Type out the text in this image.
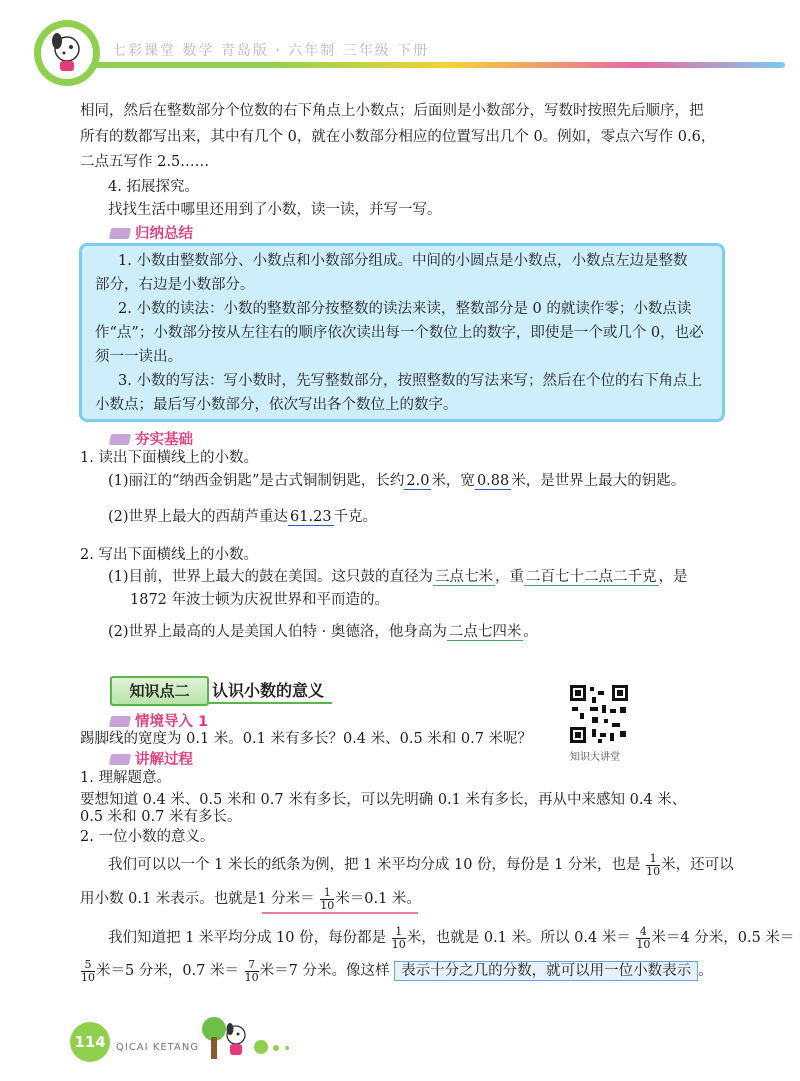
七彩课堂 数学 青岛版 · 六年制 三年级 下册
相同，然后在整数部分个位数的右下角点上小数点；后面则是小数部分，写数时按照先后顺序，把
所有的数都写出来，其中有几个 0，就在小数部分相应的位置写出几个 0。例如，零点六写作 0.6，
二点五写作 2.5……
4. 拓展探究。
找找生活中哪里还用到了小数，读一读，并写一写。
归纳总结
1. 小数由整数部分、小数点和小数部分组成。中间的小圆点是小数点，小数点左边是整数
部分，右边是小数部分。
2. 小数的读法：小数的整数部分按整数的读法来读，整数部分是 0 的就读作零；小数点读
作“点”；小数部分按从左往右的顺序依次读出每一个数位上的数字，即使是一个或几个 0，也必
须一一读出。
3. 小数的写法：写小数时，先写整数部分，按照整数的写法来写；然后在个位的右下角点上
小数点；最后写小数部分，依次写出各个数位上的数字。
夯实基础
1. 读出下面横线上的小数。
(1)丽江的“纳西金钥匙”是古式铜制钥匙，长约 2.0 米，宽 0.88 米，是世界上最大的钥匙。
(2)世界上最大的西葫芦重达 61.23 千克。
2. 写出下面横线上的小数。
(1)目前，世界上最大的鼓在美国。这只鼓的直径为 三点七米 ，重 二百七十二点二千克 ，是
1872 年波士顿为庆祝世界和平而造的。
(2)世界上最高的人是美国人伯特 · 奥德洛，他身高为 二点七四米 。
知识点二	认识小数的意义
知识大讲堂
情境导入 1
踢脚线的宽度为 0.1 米。0.1 米有多长？0.4 米、0.5 米和 0.7 米呢？
讲解过程
1. 理解题意。
要想知道 0.4 米、0.5 米和 0.7 米有多长，可以先明确 0.1 米有多长，再从中来感知 0.4 米、
0.5 米和 0.7 米有多长。
2. 一位小数的意义。
我们可以以一个 1 米长的纸条为例，把 1 米平均分成 10 份，每份是 1 分米，也是 $\frac{1}{10}$ 米，还可以
用小数 0.1 米表示。也就是1 分米＝ $\frac{1}{10}$ 米＝0.1 米。
我们知道把 1 米平均分成 10 份，每份都是 $\frac{1}{10}$ 米，也就是 0.1 米。所以 0.4 米＝ $\frac{4}{10}$ 米＝4 分米，0.5 米＝
$\frac{5}{10}$ 米＝5 分米，0.7 米＝ $\frac{7}{10}$ 米＝7 分米。像这样 表示十分之几的分数，就可以用一位小数表示 。
114	QICAI KETANG
